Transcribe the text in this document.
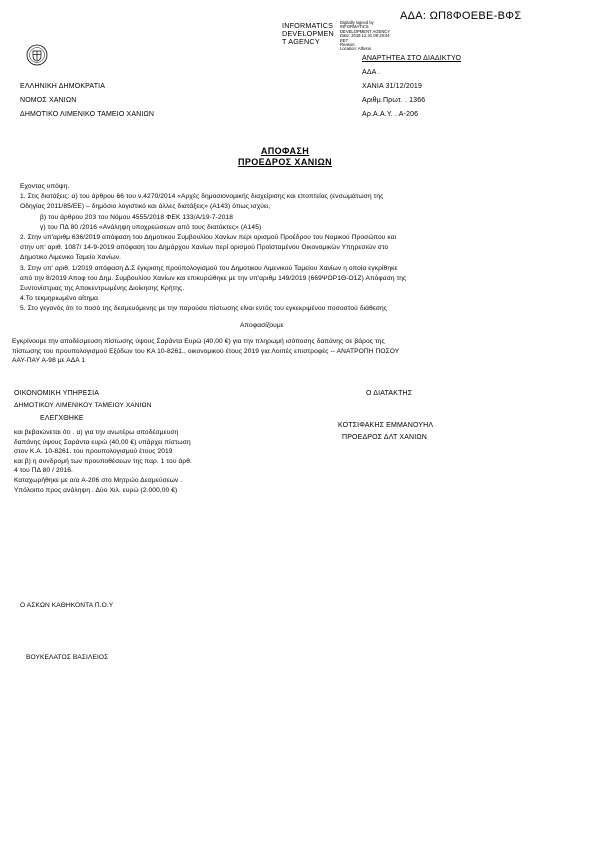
ΑΔΑ: ΩΠ8ΦΟΕΒΕ-ΒΦΣ
INFORMATICS
DEVELOPMEN
T AGENCY
Digitally signed by
INFORMATICS
DEVELOPMENT AGENCY
Date: 2019.12.31 09:18:44
EET
Reason:
Location: Athens
ΕΛΛΗΝΙΚΗ ΔΗΜΟΚΡΑΤΙΑ
ΝΟΜΟΣ ΧΑΝΙΩΝ
ΔΗΜΟΤΙΚΟ ΛΙΜΕΝΙΚΟ ΤΑΜΕΙΟ ΧΑΝΙΩΝ
ΑΝΑΡΤΗΤΕΑ ΣΤΟ ΔΙΑΔΙΚΤΥΟ
ΑΔΑ .
ΧΑΝΙΑ 31/12/2019
Αριθμ.Πρωτ. . 1366
Αρ.Α.Α.Υ. . Α-206
ΑΠΟΦΑΣΗ
ΠΡΟΕΔΡΟΣ ΧΑΝΙΩΝ
Εχοντας υπόψη.
1. Στις διατάξεις: α) του άρθρου 66 του ν.4270/2014 «Αρχές δημοσιονομικής διαχείρισης και εποπτείας (ενσωμάτωση της
Οδηγίας 2011/85/ΕΕ) – δημόσιο λογιστικό και άλλες διατάξεις» (Α143) όπως ισχύει,
β) του άρθρου 203 του Νόμου 4555/2018 ΦΕΚ 133/Α/19-7-2018
γ) του ΠΔ 80 /2016 «Ανάληψη υποχρεώσεων από τους διατάκτες» (Α145)
2. Στην υπ'αριθμ 636/2019 απόφαση του Δημοτικου Συμβουλίου Χανίων περι ορισμού Προέδρου του Νομικού Προσώπου και
στην υπ' αριθ. 1087/ 14-9-2019 απόφαση του Δημάρχου Χανίων περί ορισμού Προϊσταμένου Οικονομικών Υπηρεσιών στο
Δημοτικο Λιμενικο Ταμείο Χανίων.
3. Στην υπ' αριθ. 1/2019 απόφαση Δ.Σ έγκρισης προϋπολογισμού του Δημοτικου Λιμενικού Ταμείου Χανίων η οποία εγκρίθηκε
από την 8/2019 Αποφ του Δημ. Συμβουλίου Χανίων και επικυρώθηκε με την υπ'αριθμ 149/2019 (669ΨΟΡ1Θ-Ο1Ζ) Απόφαση της
Συντονίστριας της Αποκεντρωμένης Διοίκησης Κρήτης.
4.Το τεκμηριωμένο αίτημα
5. Στο γεγονός ότι το ποσό της δεσμευόμενης με την παρούσα πίστωσης είναι εντός του εγκεκριμένου ποσοστού διάθεσης
Αποφασίζουμε
Εγκρίνουμε την αποδέσμευση πίστωσης ύψους Σαράντα Ευρώ (40,00 €) για την πληρωμή ισόποσης δαπάνης σε βάρος της
πίστωσης του προυπολογισμού Εξόδων του ΚΑ 10-8261., οικονομικού έτους 2019 για Λοιπές επιστροφές -- ΑΝΑΤΡΟΠΗ ΠΟΣΟΥ
ΑΑΥ-ΠΑΥ Α-98 με ΑΔΑ 1
ΟΙΚΟΝΟΜΙΚΗ ΥΠΗΡΕΣΙΑ
ΔΗΜΟΤΙΚΟΥ ΛΙΜΕΝΙΚΟΥ ΤΑΜΕΙΟΥ ΧΑΝΙΩΝ
ΕΛΕΓΧΘΗΚΕ
και βεβαιώνεται ότι . α) για την ανωτέρω αποδέσμευση
δαπάνης ύψους Σαράντα ευρώ (40,00 €) υπάρχει πίστωση
στον Κ.Α. 10-8261. του προυπολογισμού έτους 2019
και β) η συνδρομή των προυποθέσεων της παρ. 1 του άρθ.
4 του ΠΔ 80 / 2016.
Καταχωρήθηκε με α/α Α-206 στο Μητρώο Δεσμεύσεων .
Υπόλοιπο προς ανάληψη . Δύο Χιλ. ευρώ (2.000,00 €)
Ο ΔΙΑΤΑΚΤΗΣ
ΚΟΤΣΙΦΑΚΗΣ ΕΜΜΑΝΟΥΗΛ
ΠΡΟΕΔΡΟΣ ΔΛΤ ΧΑΝΙΩΝ
Ο ΑΣΚΩΝ ΚΑΘΗΚΟΝΤΑ Π.Ο.Υ
ΒΟΥΚΕΛΑΤΟΣ ΒΑΣΙΛΕΙΟΣ
